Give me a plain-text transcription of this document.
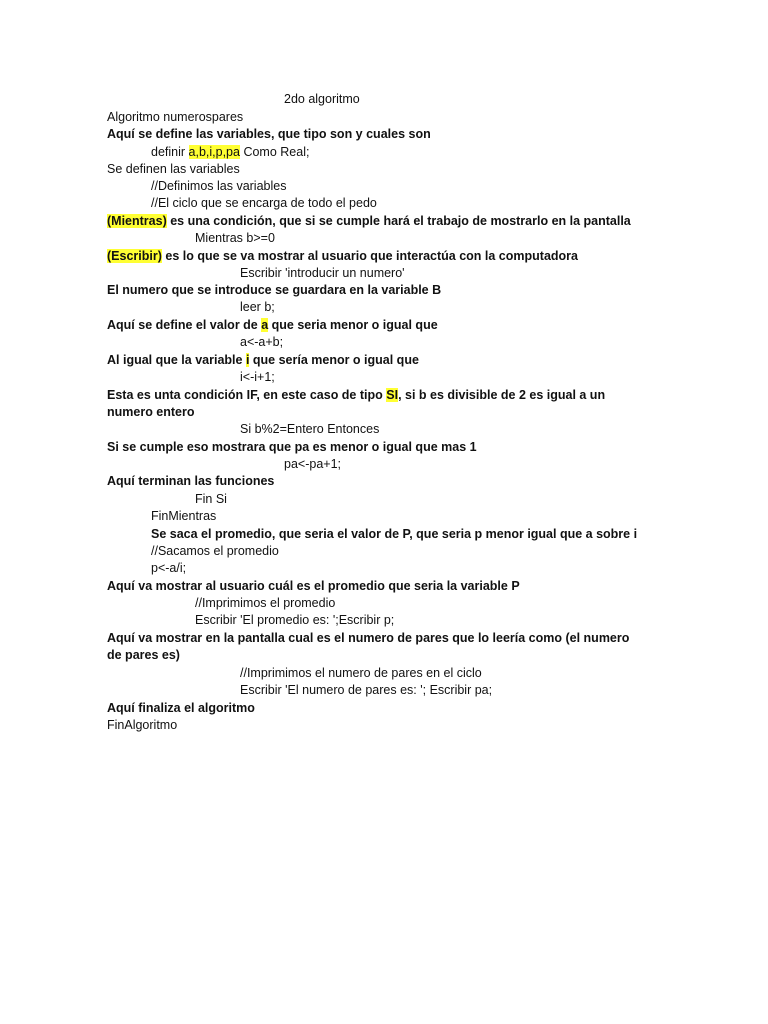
2do algoritmo
Algoritmo numerospares
Aquí se define las variables, que tipo son y cuales son
definir a,b,i,p,pa Como Real;
Se definen las variables
//Definimos las variables
//El ciclo que se encarga de todo el pedo
(Mientras) es una condición, que si se cumple hará el trabajo de mostrarlo en la pantalla
Mientras b>=0
(Escribir) es lo que se va mostrar al usuario que interactúa con la computadora
Escribir 'introducir un numero'
El numero que se introduce se guardara en la variable B
leer b;
Aquí se define el valor de a que seria menor o igual que
a<-a+b;
Al igual que la variable i que sería menor o igual que
i<-i+1;
Esta es unta condición IF, en este caso de tipo SI, si b es divisible de 2 es igual a un numero entero
Si b%2=Entero Entonces
Si se cumple eso mostrara que pa es menor o igual que mas 1
pa<-pa+1;
Aquí terminan las funciones
Fin Si
FinMientras
Se saca el promedio, que seria el valor de P, que seria p menor igual que a sobre i
//Sacamos el promedio
p<-a/i;
Aquí va mostrar al usuario cuál es el promedio que seria la variable P
//Imprimimos el promedio
Escribir 'El promedio es: ';Escribir p;
Aquí va mostrar en la pantalla cual es el numero de pares que lo leería como (el numero de pares es)
//Imprimimos el numero de pares en el ciclo
Escribir 'El numero de pares es: '; Escribir pa;
Aquí finaliza el algoritmo
FinAlgoritmo
